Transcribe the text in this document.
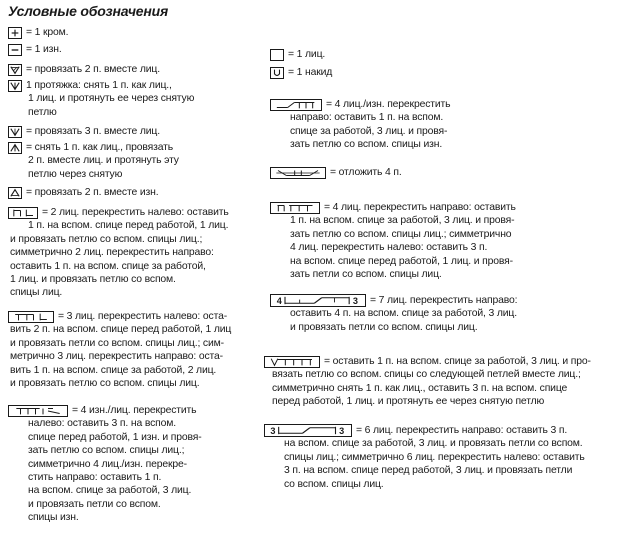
Условные обозначения
= 1 кром.
= 1 изн.
= провязать 2 п. вместе лиц.
1 протяжка: снять 1 п. как лиц.,
1 лиц. и протянуть ее через снятую
петлю
= провязать 3 п. вместе лиц.
= снять 1 п. как лиц., провязать
2 п. вместе лиц. и протянуть эту
петлю через снятую
= провязать 2 п. вместе изн.
= 2 лиц. перекрестить налево: оставить
1 п. на вспом. спице перед работой, 1 лиц.
и провязать петлю со вспом. спицы лиц.;
симметрично 2 лиц. перекрестить направо:
оставить 1 п. на вспом. спице за работой,
1 лиц. и провязать петлю со вспом.
спицы лиц.
= 3 лиц. перекрестить налево: оста-
вить 2 п. на вспом. спице перед работой, 1 лиц
и провязать петли со вспом. спицы лиц.; сим-
метрично 3 лиц. перекрестить направо: оста-
вить 1 п. на вспом. спице за работой, 2 лиц.
и провязать петлю со вспом. спицы лиц.
= 4 изн./лиц. перекрестить
налево: оставить 3 п. на вспом.
спице перед работой, 1 изн. и провя-
зать петлю со вспом. спицы лиц.;
симметрично 4 лиц./изн. перекре-
стить направо: оставить 1 п.
на вспом. спице за работой, 3 лиц.
и провязать петли со вспом.
спицы изн.
= 1 лиц.
= 1 накид
= 4 лиц./изн. перекрестить
направо: оставить 1 п. на вспом.
спице за работой, 3 лиц. и провя-
зать петлю со вспом. спицы изн.
= отложить 4 п.
= 4 лиц. перекрестить направо: оставить
1 п. на вспом. спице за работой, 3 лиц. и провя-
зать петлю со вспом. спицы лиц.; симметрично
4 лиц. перекрестить налево: оставить 3 п.
на вспом. спице перед работой, 1 лиц. и провя-
зать петли со вспом. спицы лиц.
4	3 = 7 лиц. перекрестить направо:
оставить 4 п. на вспом. спице за работой, 3 лиц.
и провязать петли со вспом. спицы лиц.
= оставить 1 п. на вспом. спице за работой, 3 лиц. и про-
вязать петлю со вспом. спицы со следующей петлей вместе лиц.;
симметрично снять 1 п. как лиц., оставить 3 п. на вспом. спице
перед работой, 1 лиц. и протянуть ее через снятую петлю
3	3 = 6 лиц. перекрестить направо: оставить 3 п.
на вспом. спице за работой, 3 лиц. и провязать петли со вспом.
спицы лиц.; симметрично 6 лиц. перекрестить налево: оставить
3 п. на вспом. спице перед работой, 3 лиц. и провязать петли
со вспом. спицы лиц.
